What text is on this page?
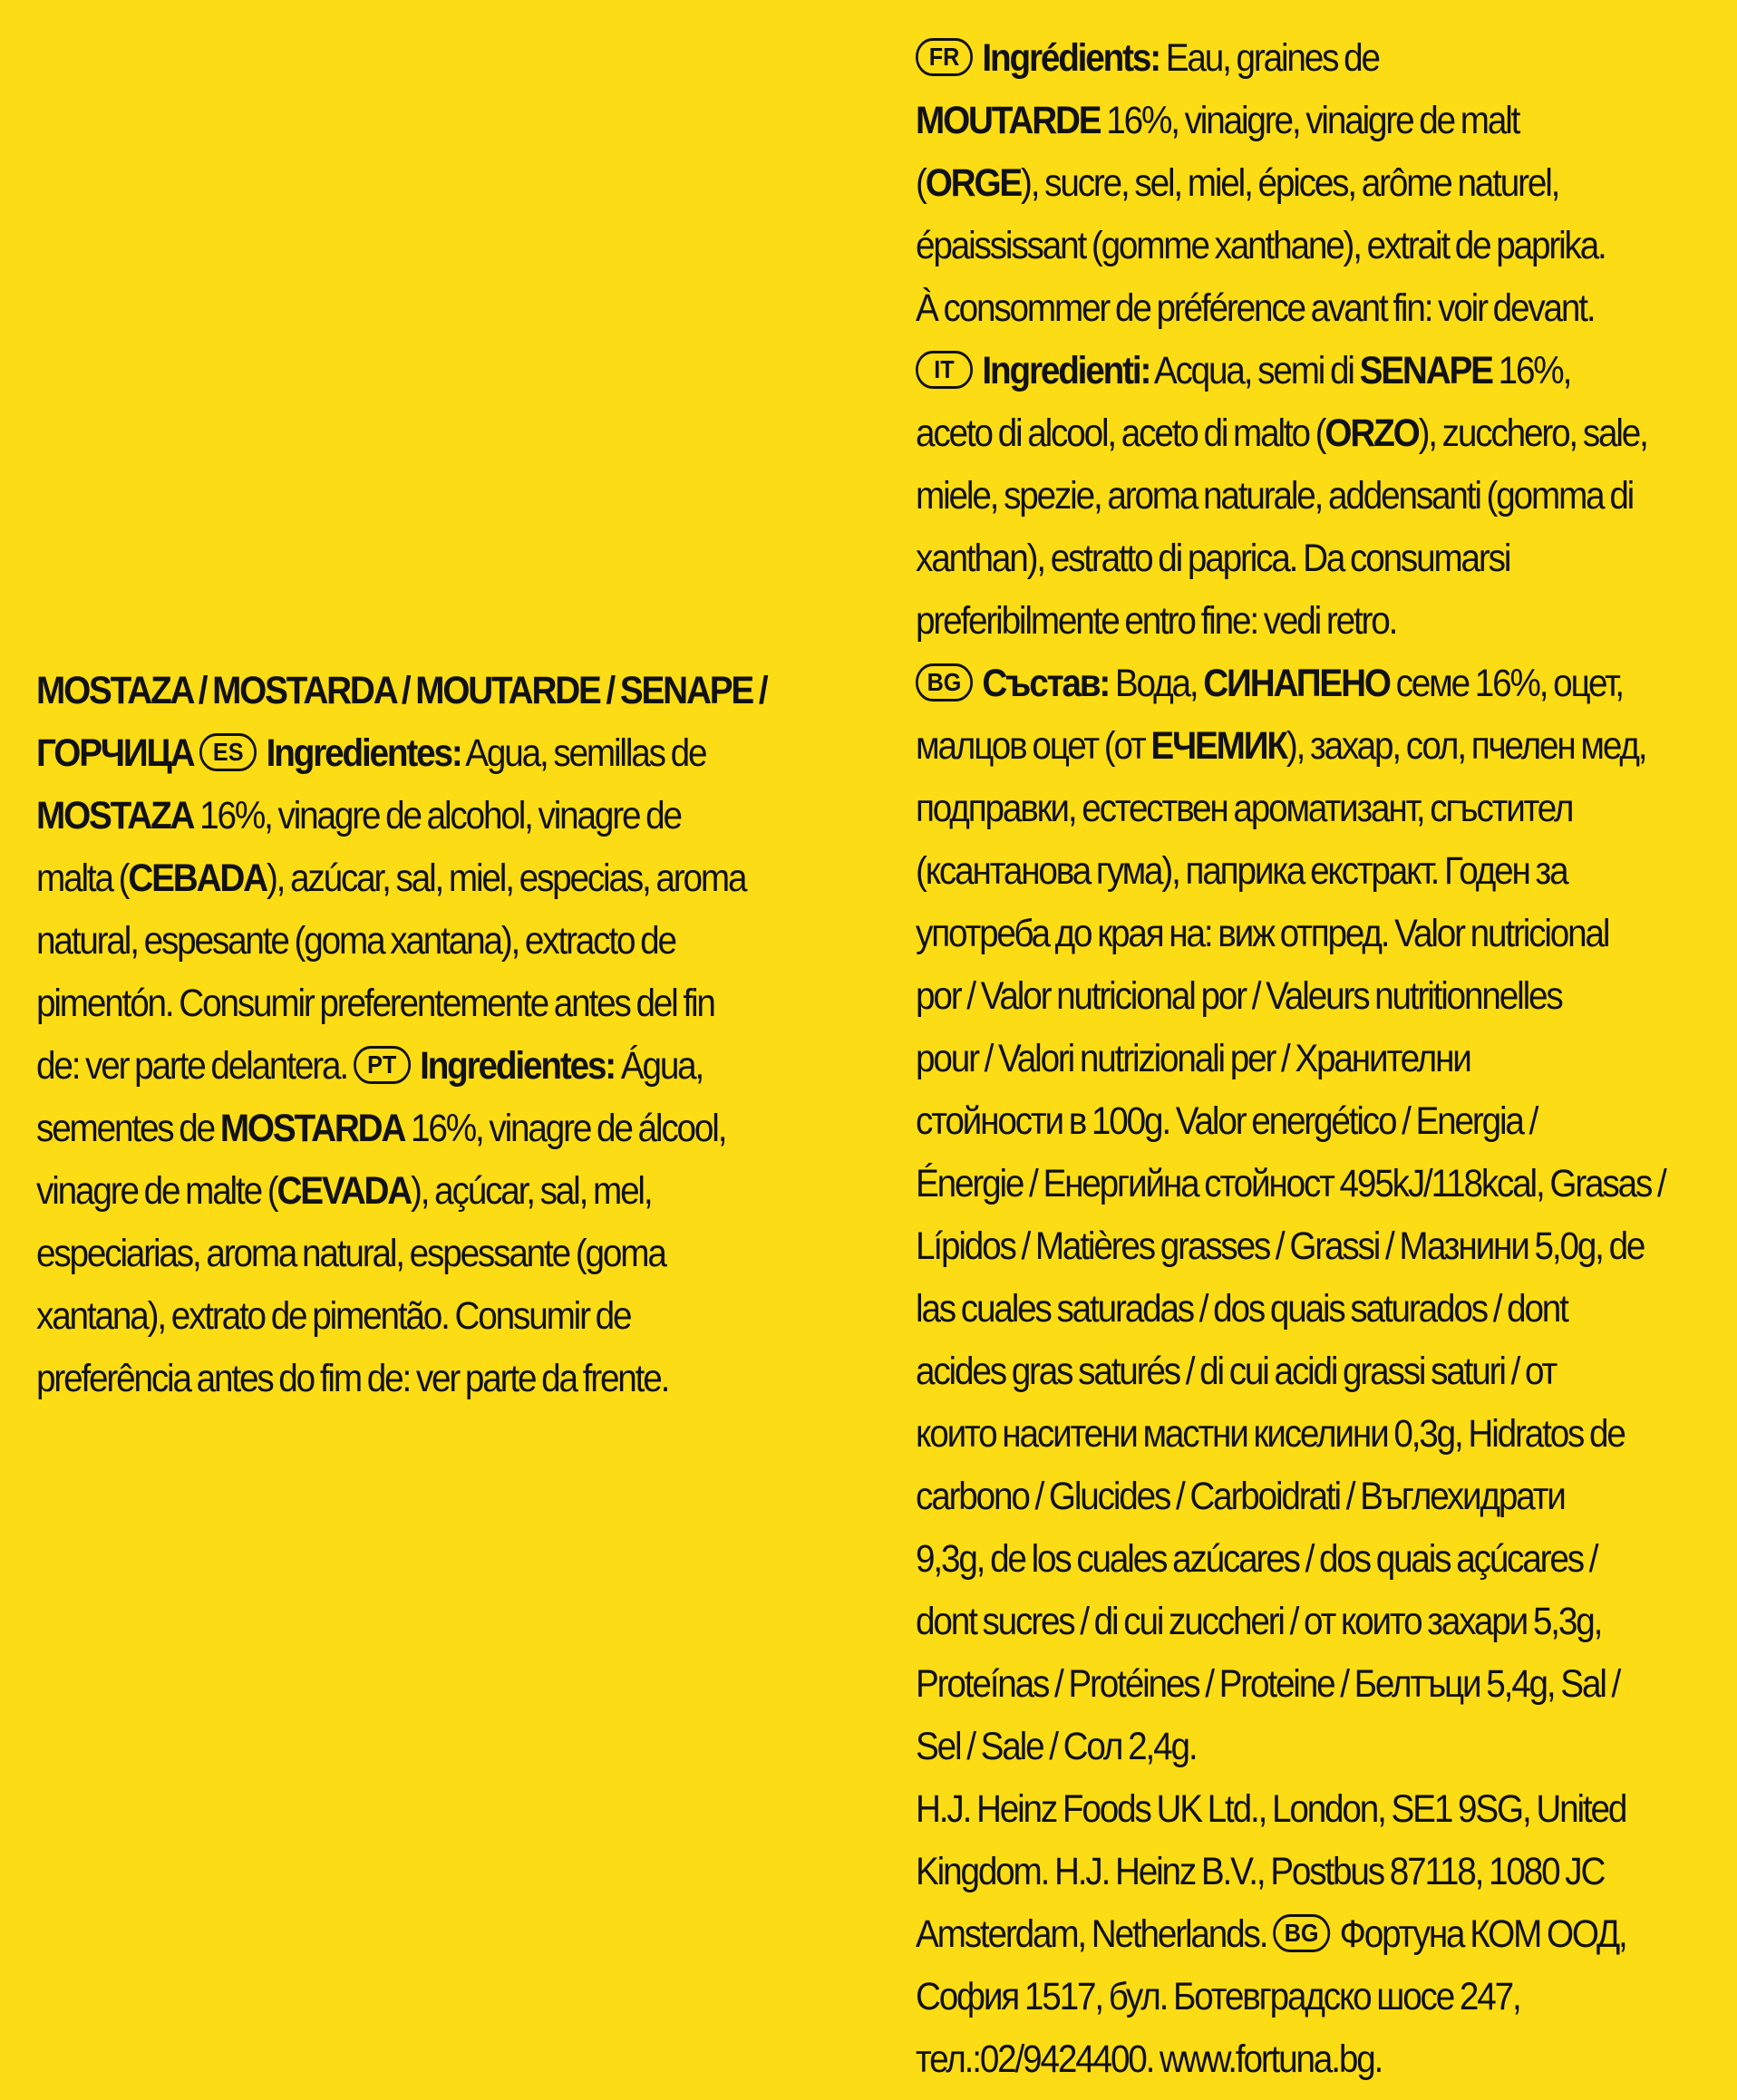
MOSTAZA / MOSTARDA / MOUTARDE / SENAPE /
ГОРЧИЦА ES Ingredientes: Agua, semillas de
MOSTAZA 16%, vinagre de alcohol, vinagre de
malta (CEBADA), azúcar, sal, miel, especias, aroma
natural, espesante (goma xantana), extracto de
pimentón. Consumir preferentemente antes del fin
de: ver parte delantera. PT Ingredientes: Água,
sementes de MOSTARDA 16%, vinagre de álcool,
vinagre de malte (CEVADA), açúcar, sal, mel,
especiarias, aroma natural, espessante (goma
xantana), extrato de pimentão. Consumir de
preferência antes do fim de: ver parte da frente.
FR Ingrédients: Eau, graines de
MOUTARDE 16%, vinaigre, vinaigre de malt
(ORGE), sucre, sel, miel, épices, arôme naturel,
épaississant (gomme xanthane), extrait de paprika.
À consommer de préférence avant fin: voir devant.
IT Ingredienti: Acqua, semi di SENAPE 16%,
aceto di alcool, aceto di malto (ORZO), zucchero, sale,
miele, spezie, aroma naturale, addensanti (gomma di
xanthan), estratto di paprica. Da consumarsi
preferibilmente entro fine: vedi retro.
BG Състав: Вода, СИНАПЕНО семе 16%, оцет,
малцов оцет (от ЕЧЕМИК), захар, сол, пчелен мед,
подправки, естествен ароматизант, сгъстител
(ксантанова гума), паприка екстракт. Годен за
употреба до края на: виж отпред. Valor nutricional
por / Valor nutricional por / Valeurs nutritionnelles
pour / Valori nutrizionali per / Хранителни
стойности в 100g. Valor energético / Energia /
Énergie / Енергийна стойност 495kJ/118kcal, Grasas /
Lípidos / Matières grasses / Grassi / Мазнини 5,0g, de
las cuales saturadas / dos quais saturados / dont
acides gras saturés / di cui acidi grassi saturi / от
които наситени мастни киселини 0,3g, Hidratos de
carbono / Glucides / Carboidrati / Въглехидрати
9,3g, de los cuales azúcares / dos quais açúcares /
dont sucres / di cui zuccheri / от които захари 5,3g,
Proteínas / Protéines / Proteine / Белтъци 5,4g, Sal /
Sel / Sale / Сол 2,4g.
H.J. Heinz Foods UK Ltd., London, SE1 9SG, United
Kingdom. H.J. Heinz B.V., Postbus 87118, 1080 JC
Amsterdam, Netherlands. BG Фортуна КОМ ООД,
София 1517, бул. Ботевградско шосе 247,
тел.:02/9424400. www.fortuna.bg.
